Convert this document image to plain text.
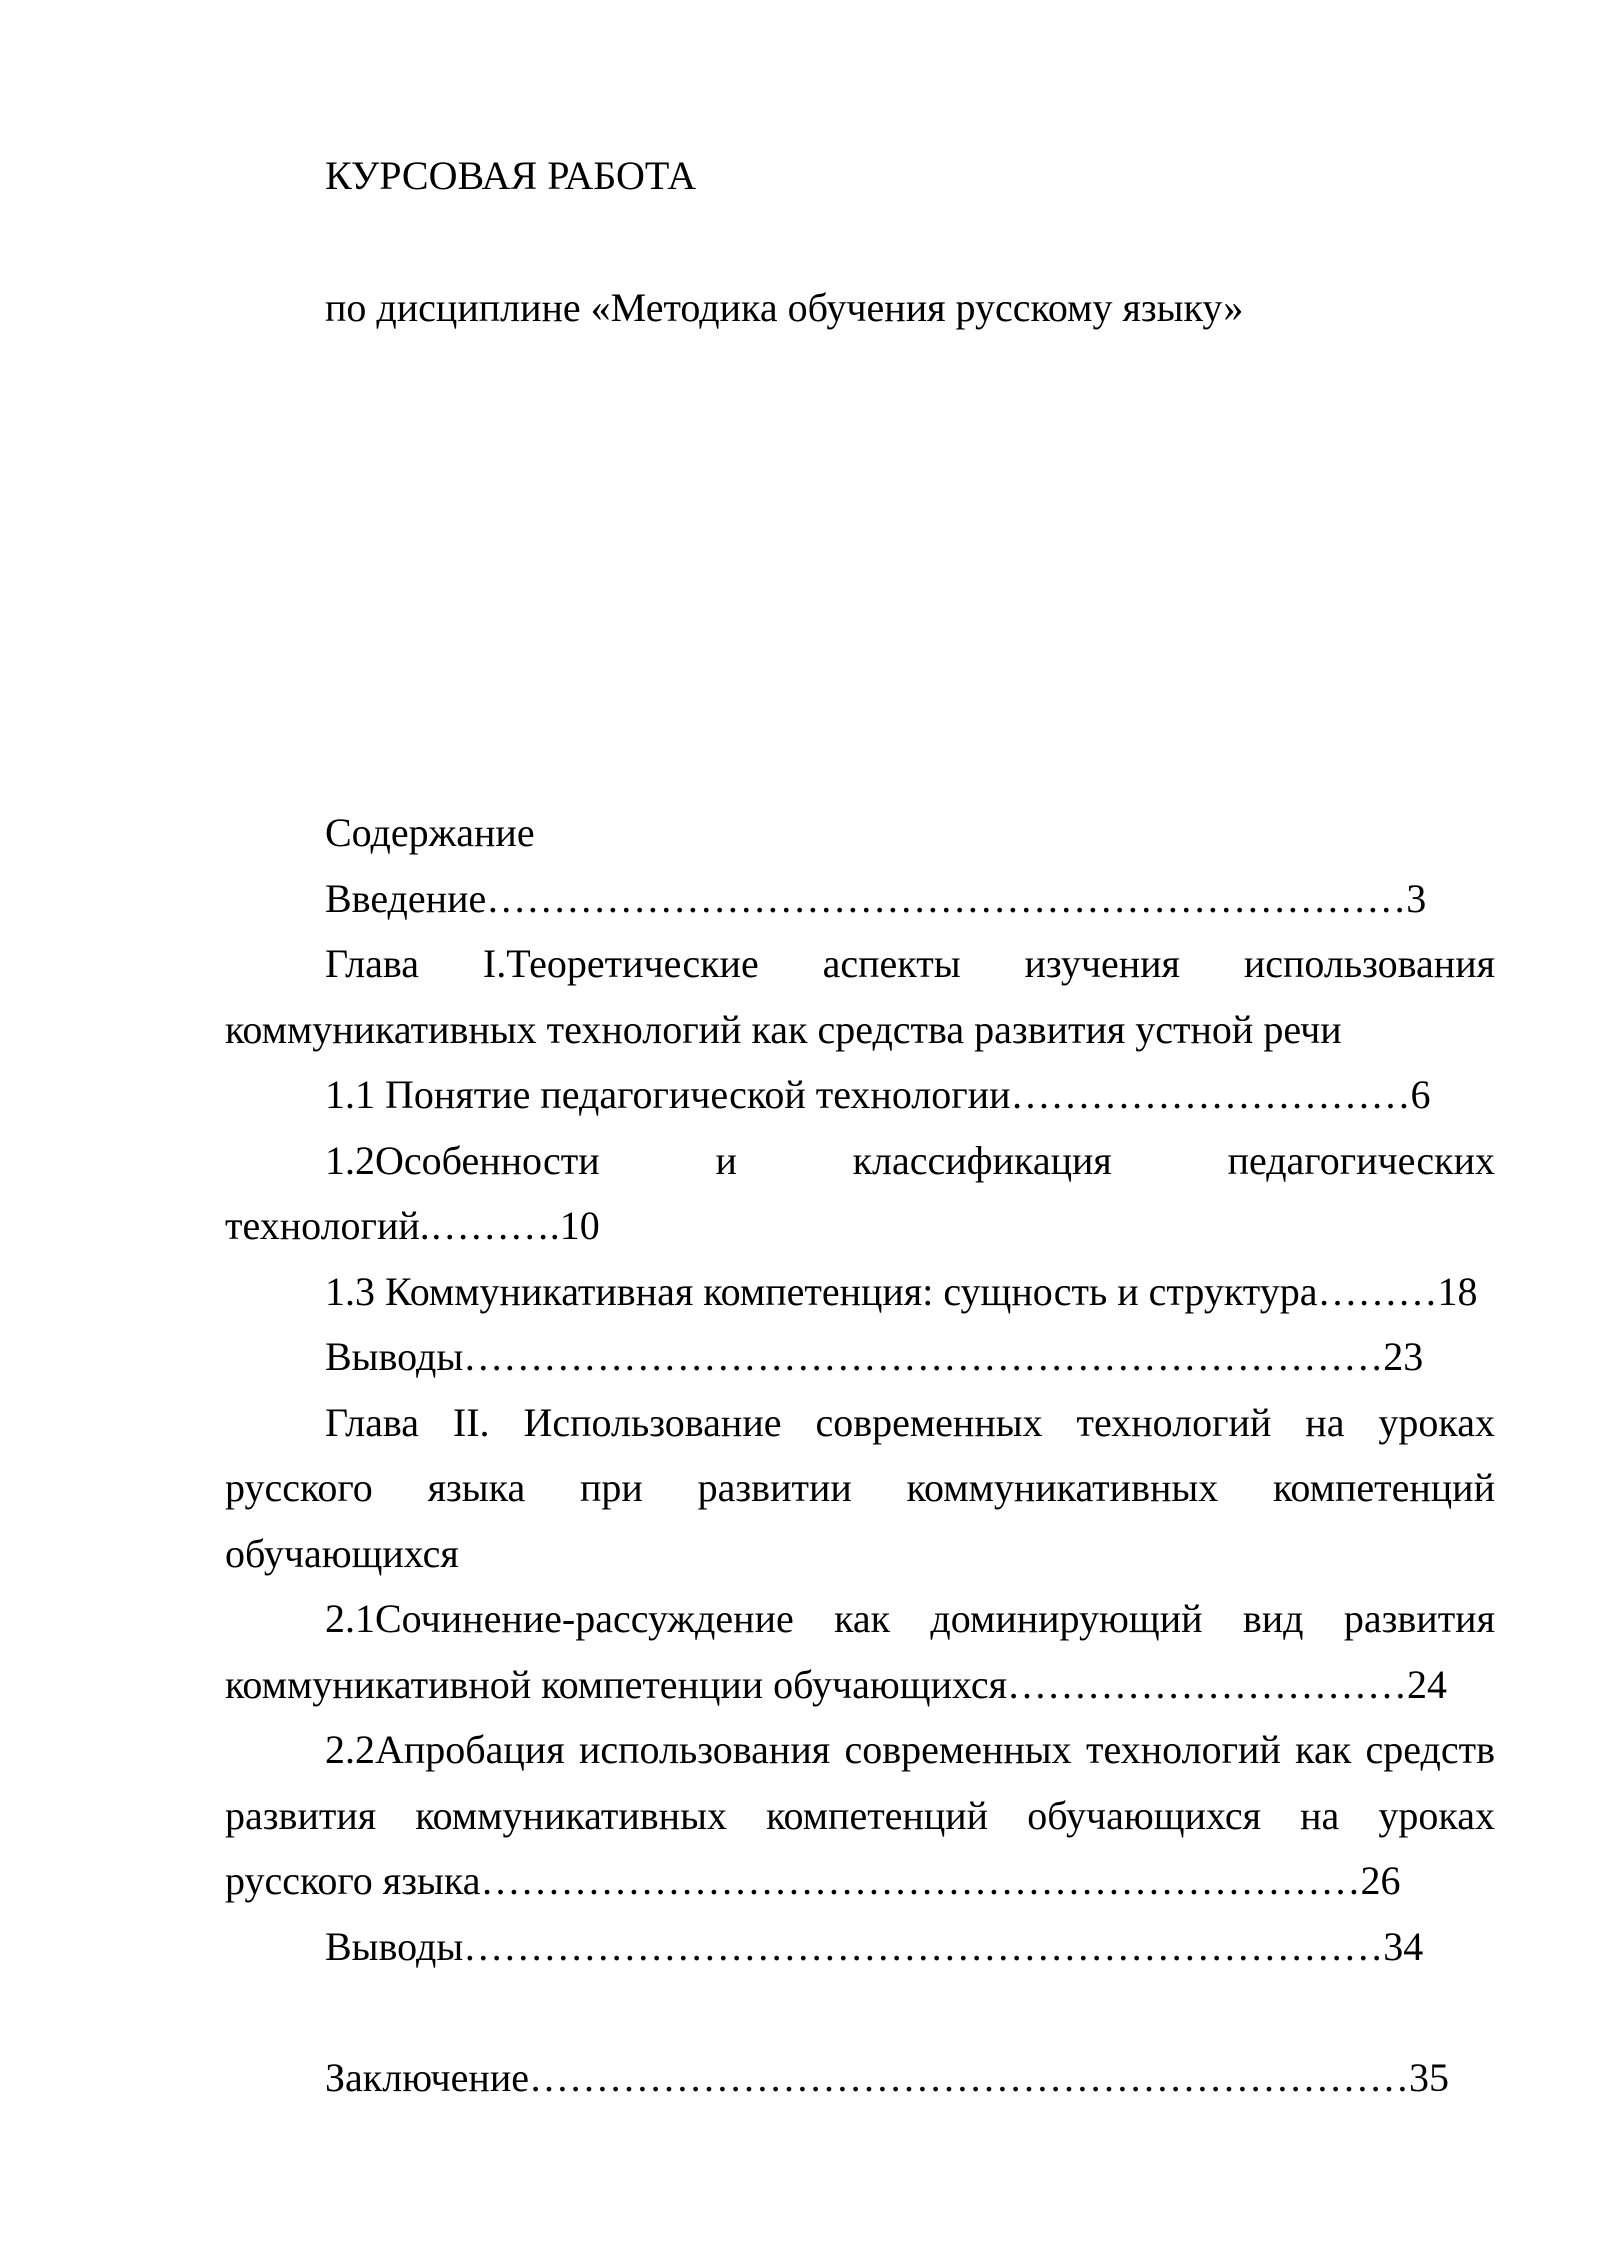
КУРСОВАЯ РАБОТА

по дисциплине «Методика обучения русскому языку»

Содержание

Введение……………………………………………………………3

Глава I.Теоретические аспекты изучения использования коммуникативных технологий как средства развития устной речи

1.1 Понятие педагогической технологии…………………………6

1.2Особенности и классификация педагогических технологий.……….10

1.3 Коммуникативная компетенция: сущность и структура………18

Выводы……………………………………………………………23

Глава II. Использование современных технологий на уроках русского языка при развитии коммуникативных компетенций обучающихся

2.1Сочинение-рассуждение как доминирующий вид развития коммуникативной компетенции обучающихся…………………………24

2.2Апробация использования современных технологий как средств развития коммуникативных компетенций обучающихся на уроках русского языка…………………………………………………………26

Выводы……………………………………………………………34

Заключение…………………………………………………………35
